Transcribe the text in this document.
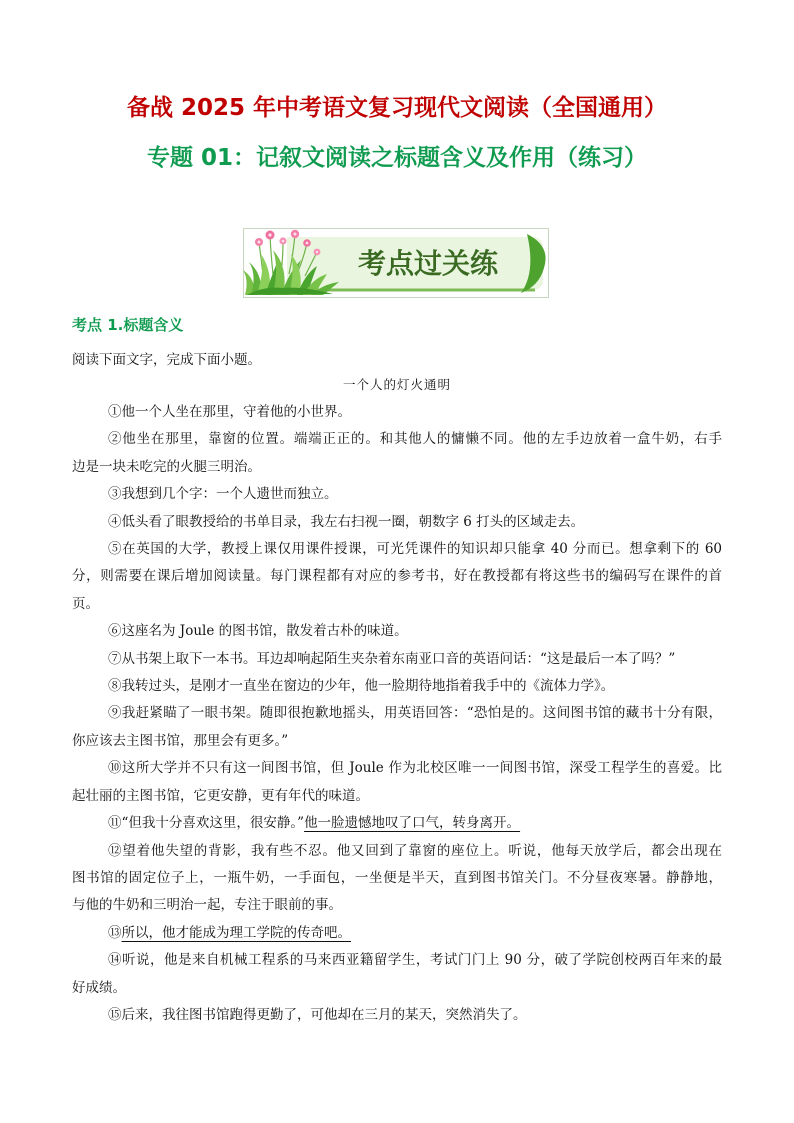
备战 2025 年中考语文复习现代文阅读（全国通用）
专题 01：记叙文阅读之标题含义及作用（练习）
考点过关练
考点 1.标题含义
阅读下面文字，完成下面小题。
一个人的灯火通明
①他一个人坐在那里，守着他的小世界。
②他坐在那里，靠窗的位置。端端正正的。和其他人的慵懒不同。他的左手边放着一盒牛奶，右手
边是一块未吃完的火腿三明治。
③我想到几个字：一个人遗世而独立。
④低头看了眼教授给的书单目录，我左右扫视一圈，朝数字 6 打头的区域走去。
⑤在英国的大学，教授上课仅用课件授课，可光凭课件的知识却只能拿 40 分而已。想拿剩下的 60
分，则需要在课后增加阅读量。每门课程都有对应的参考书，好在教授都有将这些书的编码写在课件的首
页。
⑥这座名为 Joule 的图书馆，散发着古朴的味道。
⑦从书架上取下一本书。耳边却响起陌生夹杂着东南亚口音的英语问话：“这是最后一本了吗？”
⑧我转过头，是刚才一直坐在窗边的少年，他一脸期待地指着我手中的《流体力学》。
⑨我赶紧瞄了一眼书架。随即很抱歉地摇头，用英语回答：“恐怕是的。这间图书馆的藏书十分有限，
你应该去主图书馆，那里会有更多。”
⑩这所大学并不只有这一间图书馆，但 Joule 作为北校区唯一一间图书馆，深受工程学生的喜爱。比
起壮丽的主图书馆，它更安静，更有年代的味道。
⑪“但我十分喜欢这里，很安静。”他一脸遗憾地叹了口气，转身离开。
⑫望着他失望的背影，我有些不忍。他又回到了靠窗的座位上。听说，他每天放学后，都会出现在
图书馆的固定位子上，一瓶牛奶，一手面包，一坐便是半天，直到图书馆关门。不分昼夜寒暑。静静地，
与他的牛奶和三明治一起，专注于眼前的事。
⑬所以，他才能成为理工学院的传奇吧。
⑭听说，他是来自机械工程系的马来西亚籍留学生，考试门门上 90 分，破了学院创校两百年来的最
好成绩。
⑮后来，我往图书馆跑得更勤了，可他却在三月的某天，突然消失了。
